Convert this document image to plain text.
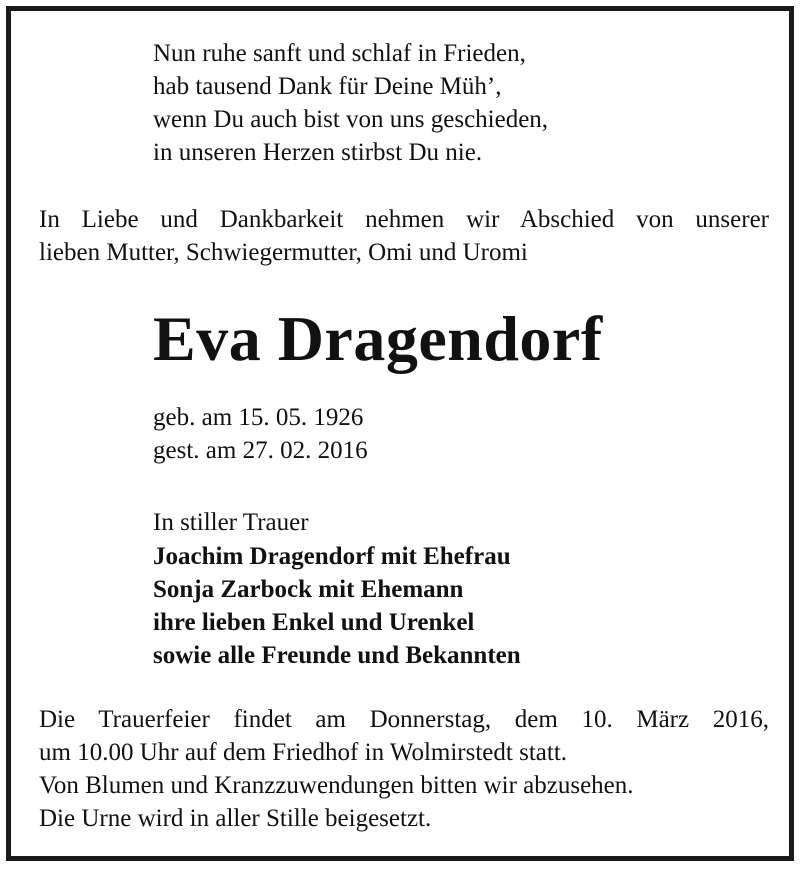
Nun ruhe sanft und schlaf in Frieden,
hab tausend Dank für Deine Müh’,
wenn Du auch bist von uns geschieden,
in unseren Herzen stirbst Du nie.
In Liebe und Dankbarkeit nehmen wir Abschied von unserer
lieben Mutter, Schwiegermutter, Omi und Uromi
Eva Dragendorf
geb. am 15. 05. 1926
gest. am 27. 02. 2016
In stiller Trauer
Joachim Dragendorf mit Ehefrau
Sonja Zarbock mit Ehemann
ihre lieben Enkel und Urenkel
sowie alle Freunde und Bekannten
Die Trauerfeier findet am Donnerstag, dem 10. März 2016,
um 10.00 Uhr auf dem Friedhof in Wolmirstedt statt.
Von Blumen und Kranzzuwendungen bitten wir abzusehen.
Die Urne wird in aller Stille beigesetzt.
